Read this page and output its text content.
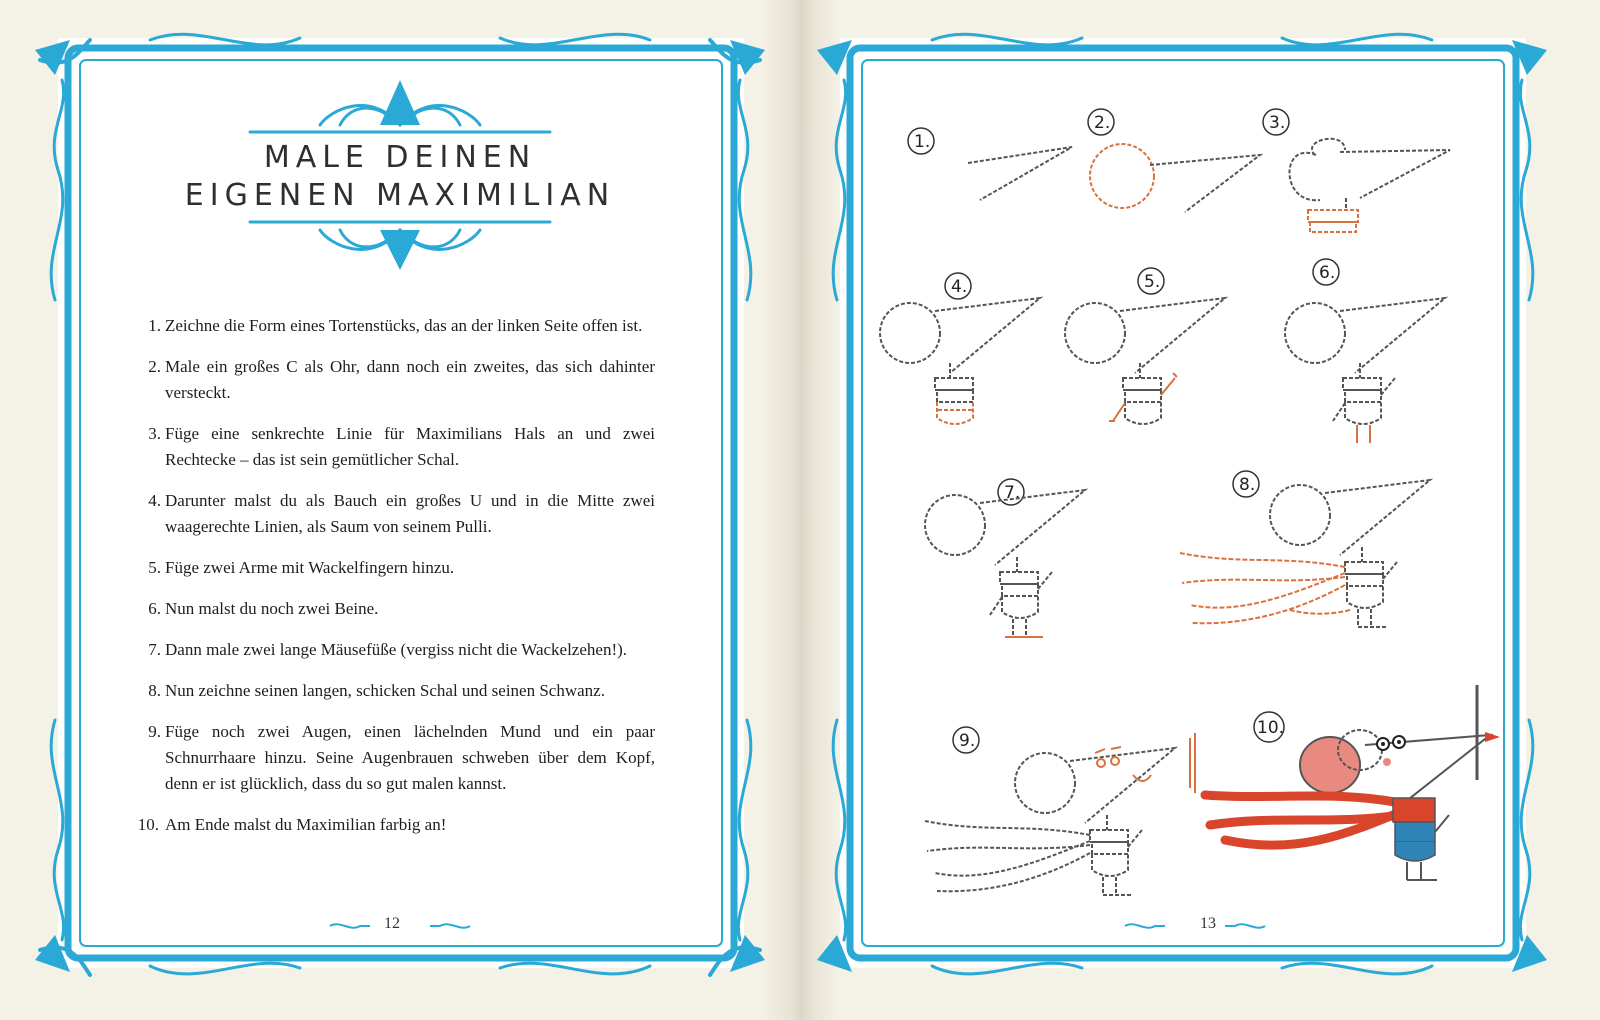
MALE DEINEN
EIGENEN MAXIMILIAN
1. Zeichne die Form eines Tortenstücks, das an der linken Seite offen ist.
2. Male ein großes C als Ohr, dann noch ein zweites, das sich dahinter versteckt.
3. Füge eine senkrechte Linie für Maximilians Hals an und zwei Rechtecke – das ist sein gemütlicher Schal.
4. Darunter malst du als Bauch ein großes U und in die Mitte zwei waagerechte Linien, als Saum von seinem Pulli.
5. Füge zwei Arme mit Wackelfingern hinzu.
6. Nun malst du noch zwei Beine.
7. Dann male zwei lange Mäusefüße (vergiss nicht die Wackelzehen!).
8. Nun zeichne seinen langen, schicken Schal und seinen Schwanz.
9. Füge noch zwei Augen, einen lächelnden Mund und ein paar Schnurrhaare hinzu. Seine Augenbrauen schweben über dem Kopf, denn er ist glücklich, dass du so gut malen kannst.
10. Am Ende malst du Maximilian farbig an!
12
1.
2.	3.
4.	5.	6.
7.	8.
9.
10.
13
